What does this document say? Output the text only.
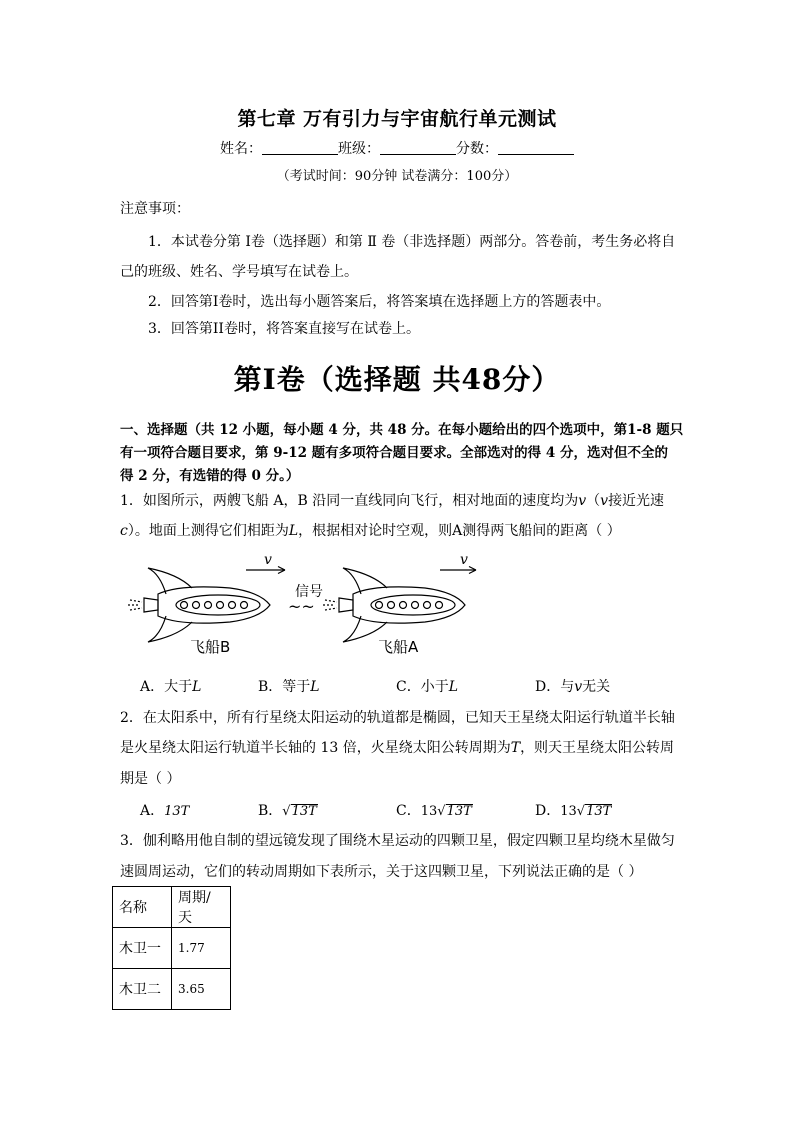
第七章 万有引力与宇宙航行单元测试
姓名：	班级：	分数：
（考试时间：90分钟 试卷满分：100分）
注意事项：
1．本试卷分第 Ⅰ卷（选择题）和第 Ⅱ 卷（非选择题）两部分。答卷前，考生务必将自
己的班级、姓名、学号填写在试卷上。
2．回答第Ⅰ卷时，选出每小题答案后，将答案填在选择题上方的答题表中。
3．回答第II卷时，将答案直接写在试卷上。
第Ⅰ卷（选择题 共48分）
一、选择题（共 12 小题，每小题 4 分，共 48 分。在每小题给出的四个选项中，第1-8 题只
有一项符合题目要求，第 9-12 题有多项符合题目要求。全部选对的得 4 分，选对但不全的
得 2 分，有选错的得 0 分。）
1．如图所示，两艘飞船 A，B 沿同一直线同向飞行，相对地面的速度均为v（v接近光速
c）。地面上测得它们相距为L，根据相对论时空观，则A测得两飞船间的距离（ ）
v
~~
信号
v
飞船B	飞船A
A．大于L	B．等于L	C．小于L	D．与v无关
2．在太阳系中，所有行星绕太阳运动的轨道都是椭圆，已知天王星绕太阳运行轨道半长轴
是火星绕太阳运行轨道半长轴的 13 倍，火星绕太阳公转周期为T，则天王星绕太阳公转周
期是（ ）
A．13T	B．√13T	C．13√13T	D．13√13T
3．伽利略用他自制的望远镜发现了围绕木星运动的四颗卫星，假定四颗卫星均绕木星做匀
速圆周运动，它们的转动周期如下表所示，关于这四颗卫星，下列说法正确的是（ ）
名称	周期/天
木卫一	1.77
木卫二	3.65
